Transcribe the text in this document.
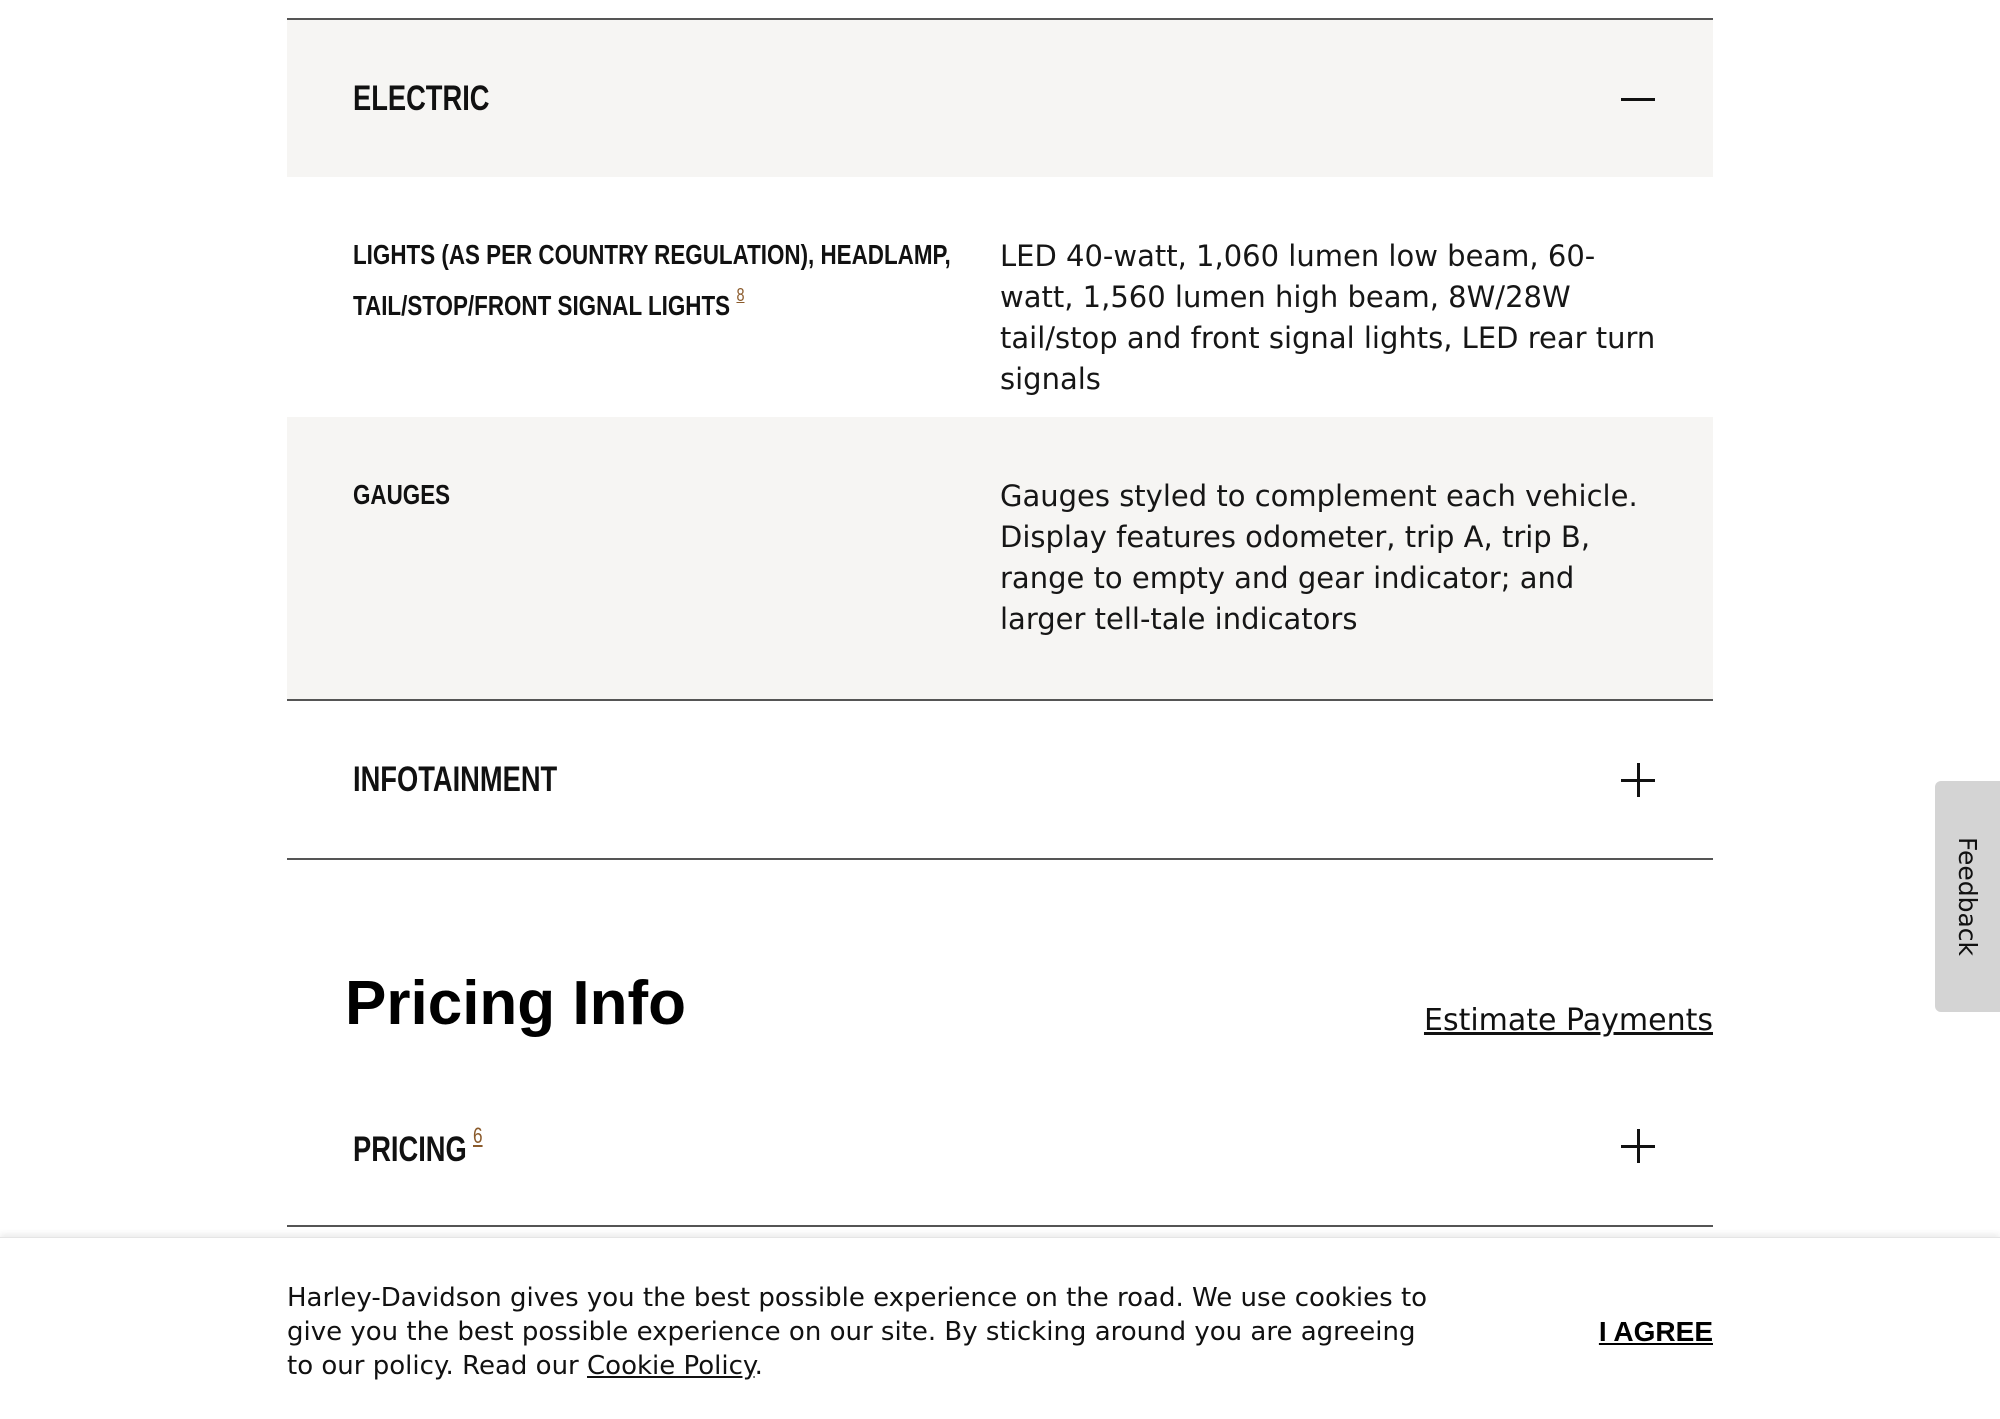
ELECTRIC
LIGHTS (AS PER COUNTRY REGULATION), HEADLAMP, TAIL/STOP/FRONT SIGNAL LIGHTS $^8$
LED 40-watt, 1,060 lumen low beam, 60-watt, 1,560 lumen high beam, 8W/28W tail/stop and front signal lights, LED rear turn signals
GAUGES	Gauges styled to complement each vehicle. Display features odometer, trip A, trip B, range to empty and gear indicator; and larger tell-tale indicators
INFOTAINMENT
Pricing Info	Estimate Payments
PRICING $^6$
Feedback
Harley-Davidson gives you the best possible experience on the road. We use cookies to give you the best possible experience on our site. By sticking around you are agreeing to our policy. Read our Cookie Policy.
I AGREE
